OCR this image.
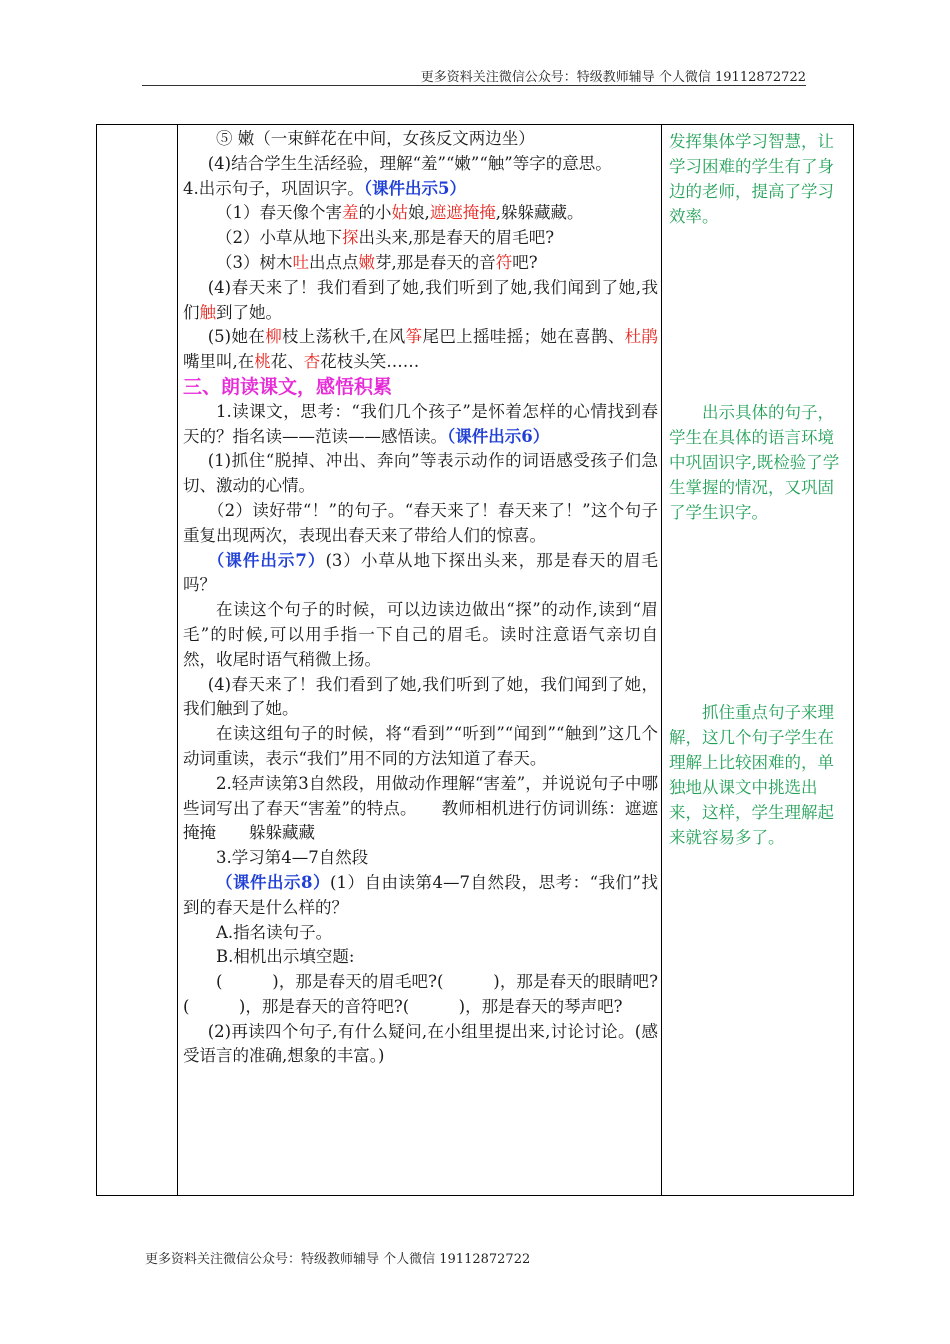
更多资料关注微信公众号：特级教师辅导 个人微信 19112872722

⑤ 嫩（一束鲜花在中间，女孩反文两边坐）

(4)结合学生生活经验，理解“羞”“嫩”“触”等字的意思。

4.出示句子，巩固识字。（课件出示5）

（1）春天像个害羞的小姑娘,遮遮掩掩,躲躲藏藏。

（2）小草从地下探出头来,那是春天的眉毛吧?

（3）树木吐出点点嫩芽,那是春天的音符吧?

(4)春天来了！我们看到了她,我们听到了她,我们闻到了她,我们触到了她。

(5)她在柳枝上荡秋千,在风筝尾巴上摇哇摇；她在喜鹊、杜鹃嘴里叫,在桃花、杏花枝头笑……

三、朗读课文，感悟积累

1.读课文，思考：“我们几个孩子”是怀着怎样的心情找到春天的？指名读——范读——感悟读。（课件出示6）

(1)抓住“脱掉、冲出、奔向”等表示动作的词语感受孩子们急切、激动的心情。

（2）读好带“！”的句子。“春天来了！春天来了！”这个句子重复出现两次，表现出春天来了带给人们的惊喜。

（课件出示7）(3）小草从地下探出头来，那是春天的眉毛吗？

在读这个句子的时候，可以边读边做出“探”的动作,读到“眉毛”的时候,可以用手指一下自己的眉毛。读时注意语气亲切自然，收尾时语气稍微上扬。

(4)春天来了！我们看到了她,我们听到了她，我们闻到了她，我们触到了她。

在读这组句子的时候，将“看到”“听到”“闻到”“触到”这几个动词重读，表示“我们”用不同的方法知道了春天。

2.轻声读第3自然段，用做动作理解“害羞”，并说说句子中哪些词写出了春天“害羞”的特点。　　教师相机进行仿词训练：遮遮掩掩　　躲躲藏藏

3.学习第4—7自然段

（课件出示8）(1）自由读第4—7自然段，思考：“我们”找到的春天是什么样的？

A.指名读句子。

B.相机出示填空题:

(　　　)，那是春天的眉毛吧?(　　　)，那是春天的眼睛吧?(　　　)，那是春天的音符吧?(　　　)，那是春天的琴声吧?

(2)再读四个句子,有什么疑问,在小组里提出来,讨论讨论。(感受语言的准确,想象的丰富。)

发挥集体学习智慧，让学习困难的学生有了身边的老师，提高了学习效率。

出示具体的句子，学生在具体的语言环境中巩固识字,既检验了学生掌握的情况，又巩固了学生识字。

抓住重点句子来理解，这几个句子学生在理解上比较困难的，单独地从课文中挑选出来，这样，学生理解起来就容易多了。

更多资料关注微信公众号：特级教师辅导 个人微信 19112872722
